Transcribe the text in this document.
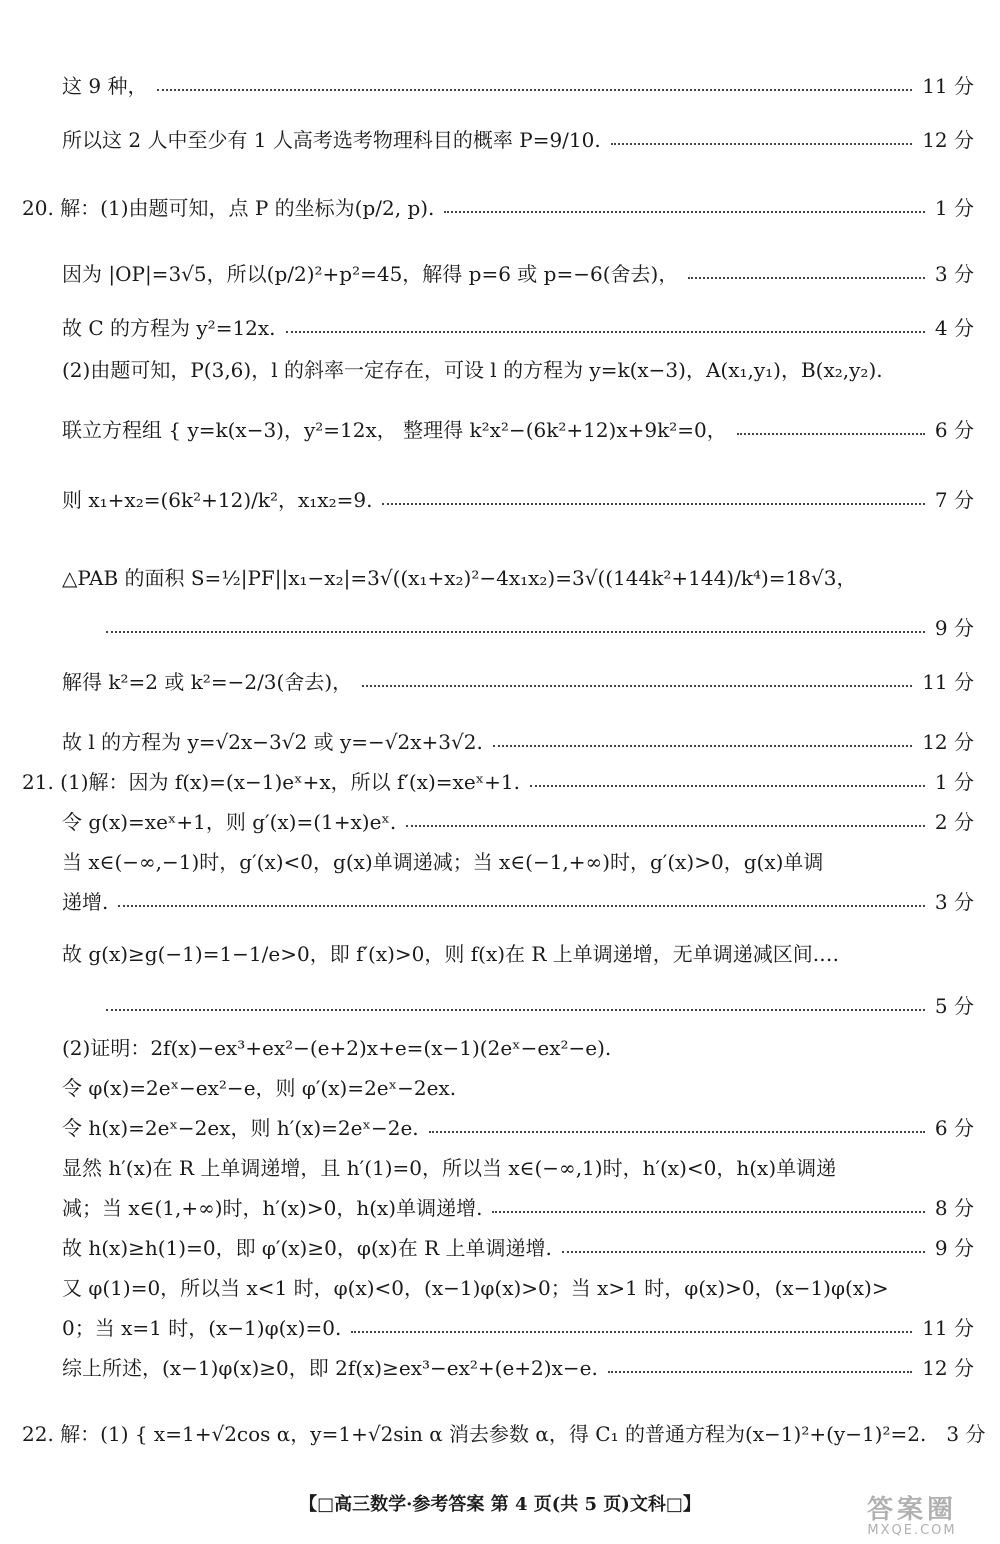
这 9 种，	11 分
所以这 2 人中至少有 1 人高考选考物理科目的概率 P=9/10.	12 分
20. 解：(1)由题可知，点 P 的坐标为(p/2, p).	1 分
因为 |OP|=3√5，所以(p/2)²+p²=45，解得 p=6 或 p=−6(舍去)，	3 分
故 C 的方程为 y²=12x.	4 分
(2)由题可知，P(3,6)，l 的斜率一定存在，可设 l 的方程为 y=k(x−3)，A(x₁,y₁)，B(x₂,y₂).
联立方程组 { y=k(x−3)，y²=12x， 整理得 k²x²−(6k²+12)x+9k²=0，	6 分
则 x₁+x₂=(6k²+12)/k²，x₁x₂=9.	7 分
△PAB 的面积 S=½|PF||x₁−x₂|=3√((x₁+x₂)²−4x₁x₂)=3√((144k²+144)/k⁴)=18√3，
9 分
解得 k²=2 或 k²=−2/3(舍去)，	11 分
故 l 的方程为 y=√2x−3√2 或 y=−√2x+3√2.	12 分
21. (1)解：因为 f(x)=(x−1)eˣ+x，所以 f′(x)=xeˣ+1.	1 分
令 g(x)=xeˣ+1，则 g′(x)=(1+x)eˣ.	2 分
当 x∈(−∞,−1)时，g′(x)<0，g(x)单调递减；当 x∈(−1,+∞)时，g′(x)>0，g(x)单调
递增.	3 分
故 g(x)≥g(−1)=1−1/e>0，即 f′(x)>0，则 f(x)在 R 上单调递增，无单调递减区间.…
5 分
(2)证明：2f(x)−ex³+ex²−(e+2)x+e=(x−1)(2eˣ−ex²−e).
令 φ(x)=2eˣ−ex²−e，则 φ′(x)=2eˣ−2ex.
令 h(x)=2eˣ−2ex，则 h′(x)=2eˣ−2e.	6 分
显然 h′(x)在 R 上单调递增，且 h′(1)=0，所以当 x∈(−∞,1)时，h′(x)<0，h(x)单调递
减；当 x∈(1,+∞)时，h′(x)>0，h(x)单调递增.	8 分
故 h(x)≥h(1)=0，即 φ′(x)≥0，φ(x)在 R 上单调递增.	9 分
又 φ(1)=0，所以当 x<1 时，φ(x)<0，(x−1)φ(x)>0；当 x>1 时，φ(x)>0，(x−1)φ(x)>
0；当 x=1 时，(x−1)φ(x)=0.	11 分
综上所述，(x−1)φ(x)≥0，即 2f(x)≥ex³−ex²+(e+2)x−e.	12 分
22. 解：(1) { x=1+√2cos α，y=1+√2sin α 消去参数 α，得 C₁ 的普通方程为(x−1)²+(y−1)²=2. 3 分
【□高三数学·参考答案 第 4 页(共 5 页)文科□】	答案圈
MXQE.COM
